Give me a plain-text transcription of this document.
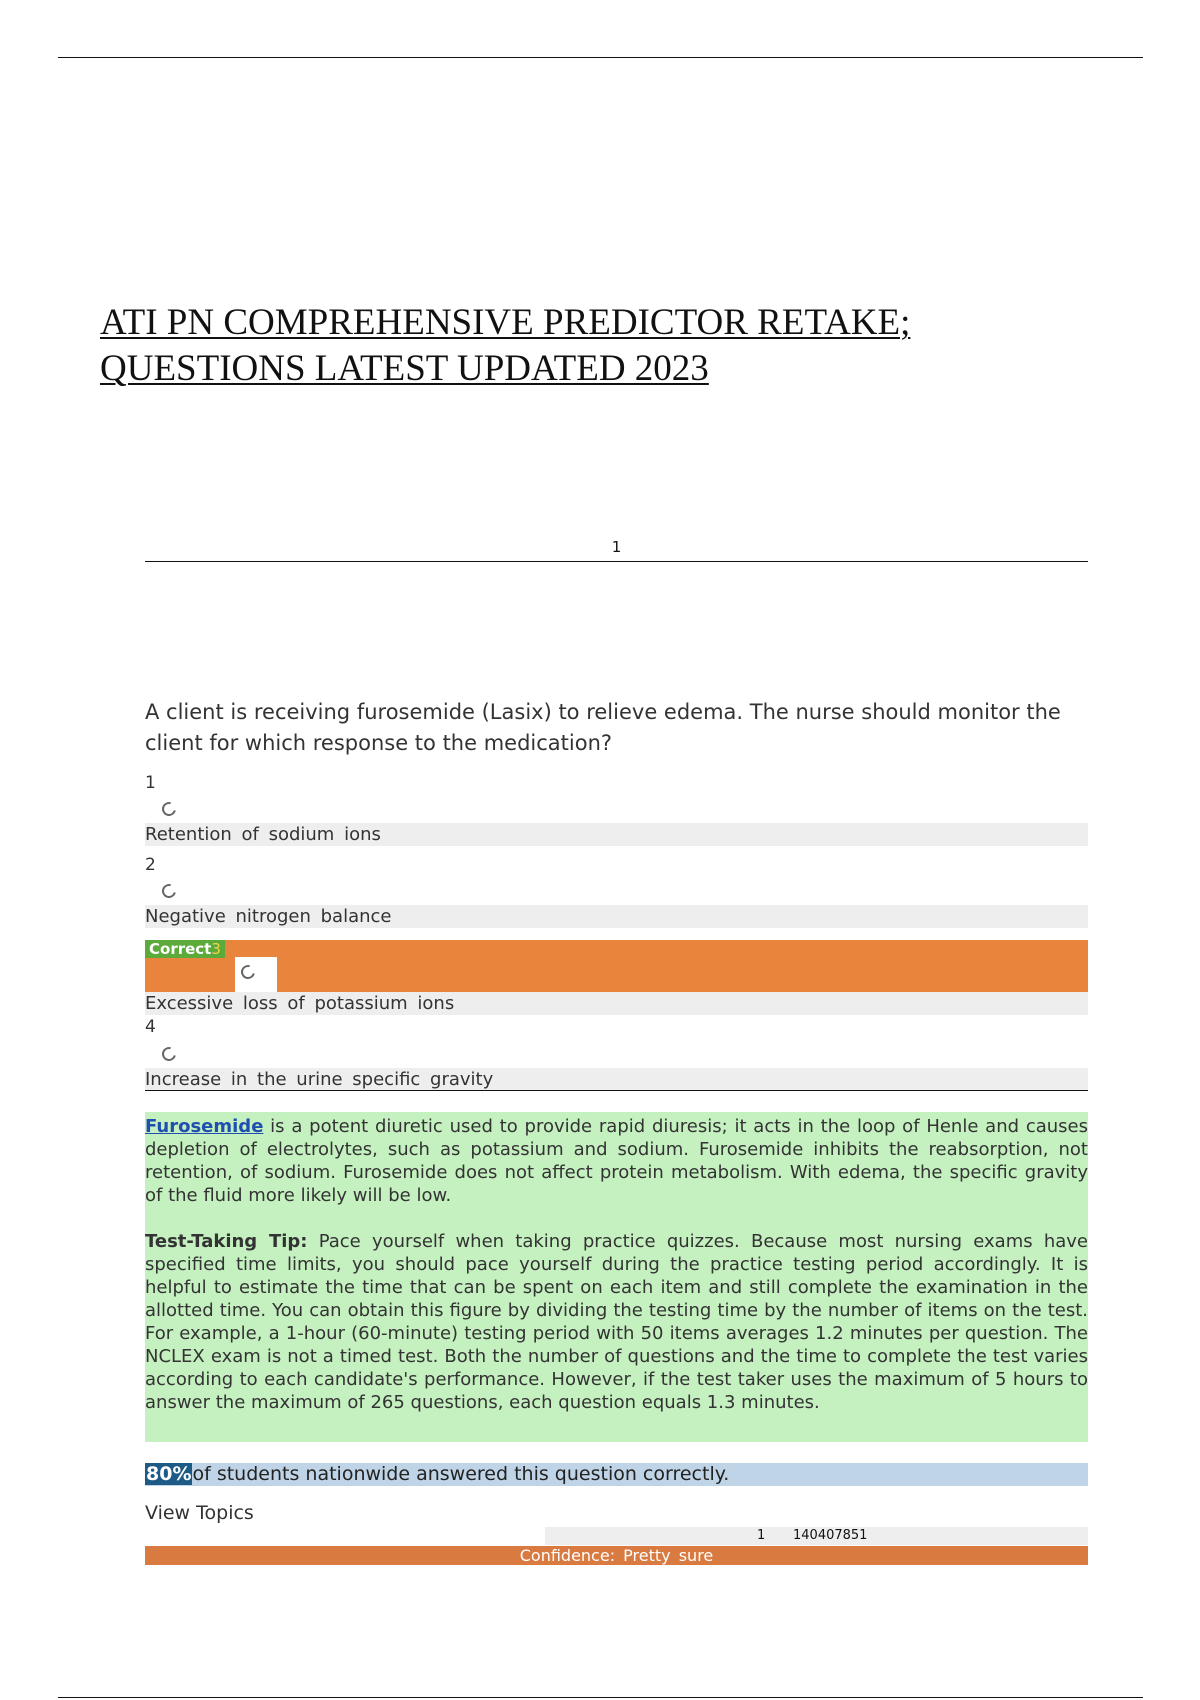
ATI PN COMPREHENSIVE PREDICTOR RETAKE;
QUESTIONS LATEST UPDATED 2023
1

A client is receiving furosemide (Lasix) to relieve edema. The nurse should monitor the client for which response to the medication?

1
Retention of sodium ions
2
Negative nitrogen balance
Correct3
Excessive loss of potassium ions
4
Increase in the urine specific gravity

Furosemide is a potent diuretic used to provide rapid diuresis; it acts in the loop of Henle and causes depletion of electrolytes, such as potassium and sodium. Furosemide inhibits the reabsorption, not retention, of sodium. Furosemide does not affect protein metabolism. With edema, the specific gravity of the fluid more likely will be low.

Test-Taking Tip: Pace yourself when taking practice quizzes. Because most nursing exams have specified time limits, you should pace yourself during the practice testing period accordingly. It is helpful to estimate the time that can be spent on each item and still complete the examination in the allotted time. You can obtain this figure by dividing the testing time by the number of items on the test. For example, a 1-hour (60-minute) testing period with 50 items averages 1.2 minutes per question. The NCLEX exam is not a timed test. Both the number of questions and the time to complete the test varies according to each candidate's performance. However, if the test taker uses the maximum of 5 hours to answer the maximum of 265 questions, each question equals 1.3 minutes.

80%of students nationwide answered this question correctly.
View Topics
1 140407851
Confidence: Pretty sure
